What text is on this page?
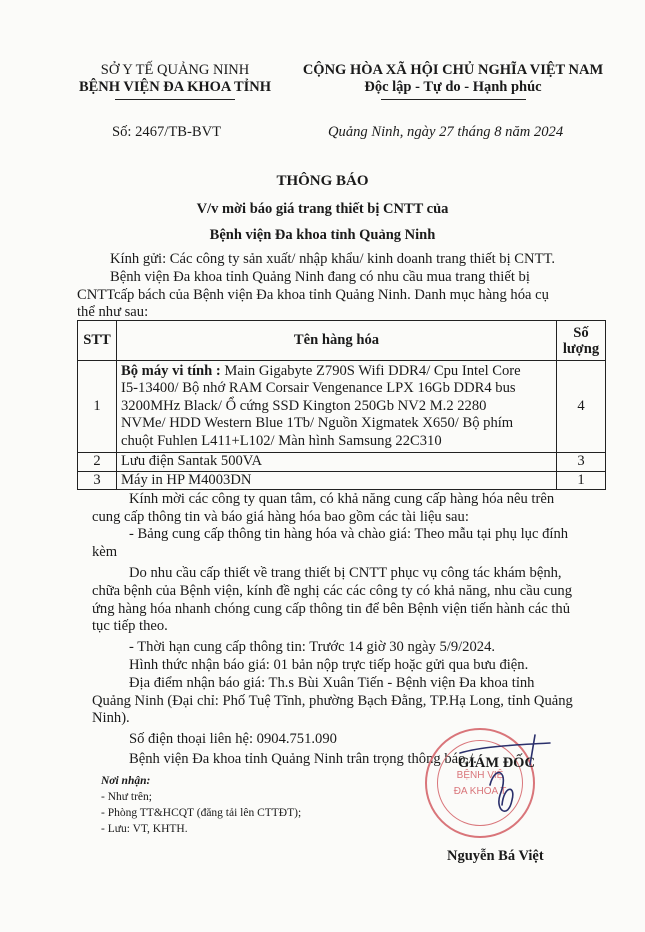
SỞ Y TẾ QUẢNG NINH
BỆNH VIỆN ĐA KHOA TỈNH
CỘNG HÒA XÃ HỘI CHỦ NGHĨA VIỆT NAM
Độc lập - Tự do - Hạnh phúc
Số: 2467/TB-BVT	Quảng Ninh, ngày 27 tháng 8 năm 2024
THÔNG BÁO
V/v mời báo giá trang thiết bị CNTT của
Bệnh viện Đa khoa tỉnh Quảng Ninh
Kính gửi: Các công ty sản xuất/ nhập khẩu/ kinh doanh trang thiết bị CNTT.
Bệnh viện Đa khoa tỉnh Quảng Ninh đang có nhu cầu mua trang thiết bị
CNTTcấp bách của Bệnh viện Đa khoa tỉnh Quảng Ninh. Danh mục hàng hóa cụ
thể như sau:
STT	Tên hàng hóa	Số
lượng

1	Bộ máy vi tính : Main Gigabyte Z790S Wifi DDR4/ Cpu Intel Core
I5-13400/ Bộ nhớ RAM Corsair Vengenance LPX 16Gb DDR4 bus
3200MHz Black/ Ổ cứng SSD Kington 250Gb NV2 M.2 2280
NVMe/ HDD Western Blue 1Tb/ Nguồn Xigmatek X650/ Bộ phím
chuột Fuhlen L411+L102/ Màn hình Samsung 22C310	4
2	Lưu điện Santak 500VA	3
3	Máy in HP M4003DN	1
Kính mời các công ty quan tâm, có khả năng cung cấp hàng hóa nêu trên
cung cấp thông tin và báo giá hàng hóa bao gồm các tài liệu sau:
- Bảng cung cấp thông tin hàng hóa và chào giá: Theo mẫu tại phụ lục đính
kèm
Do nhu cầu cấp thiết về trang thiết bị CNTT phục vụ công tác khám bệnh,
chữa bệnh của Bệnh viện, kính đề nghị các các công ty có khả năng, nhu cầu cung
ứng hàng hóa nhanh chóng cung cấp thông tin để bên Bệnh viện tiến hành các thủ
tục tiếp theo.
- Thời hạn cung cấp thông tin: Trước 14 giờ 30 ngày 5/9/2024.
Hình thức nhận báo giá: 01 bản nộp trực tiếp hoặc gửi qua bưu điện.
Địa điểm nhận báo giá: Th.s Bùi Xuân Tiến - Bệnh viện Đa khoa tỉnh
Quảng Ninh (Đại chỉ: Phố Tuệ Tĩnh, phường Bạch Đằng, TP.Hạ Long, tỉnh Quảng
Ninh).
Số điện thoại liên hệ: 0904.751.090
Bệnh viện Đa khoa tỉnh Quảng Ninh trân trọng thông báo./.
Nơi nhận:
- Như trên;
- Phòng TT&HCQT (đăng tải lên CTTĐT);
- Lưu: VT, KHTH.
BỆNH VIỆ
ĐA KHOA T
GIÁM ĐỐC
Nguyễn Bá Việt
